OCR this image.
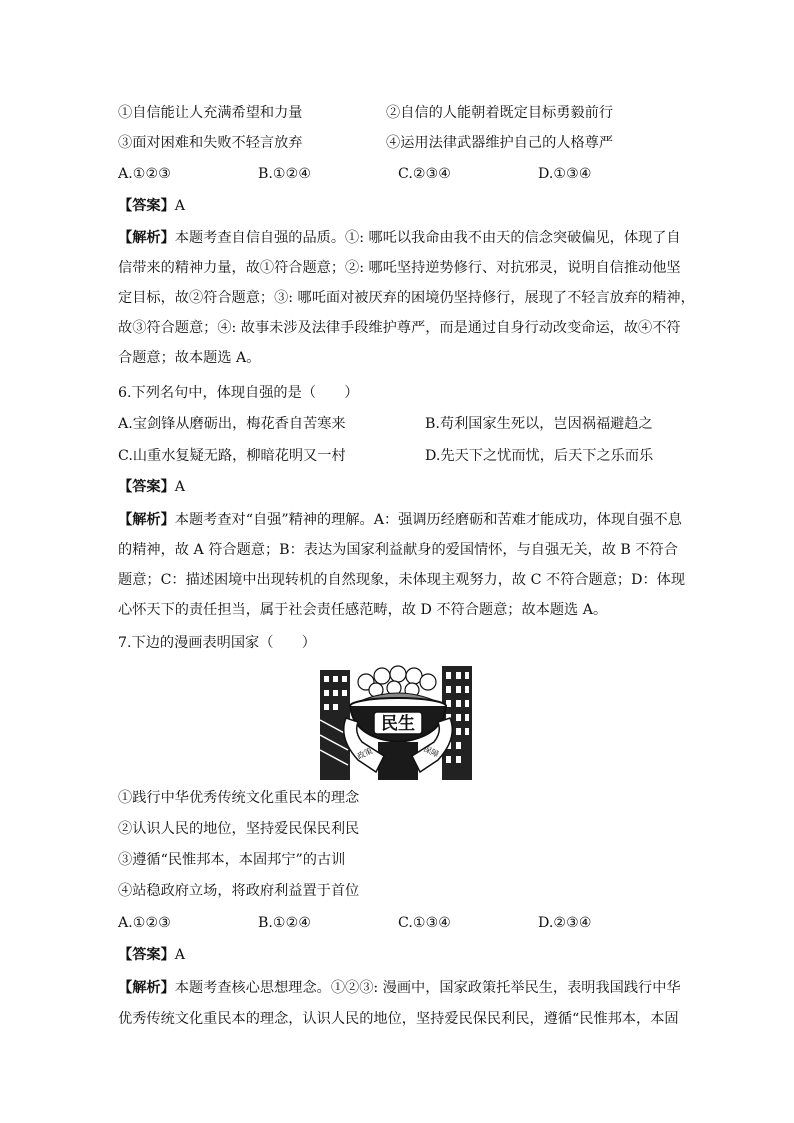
①自信能让人充满希望和力量	②自信的人能朝着既定目标勇毅前行
③面对困难和失败不轻言放弃	④运用法律武器维护自己的人格尊严
A.①②③	B.①②④	C.②③④	D.①③④
【答案】A
【解析】本题考查自信自强的品质。①: 哪吒以我命由我不由天的信念突破偏见，体现了自
信带来的精神力量，故①符合题意；②: 哪吒坚持逆势修行、对抗邪灵，说明自信推动他坚
定目标，故②符合题意；③: 哪吒面对被厌弃的困境仍坚持修行，展现了不轻言放弃的精神，
故③符合题意；④: 故事未涉及法律手段维护尊严，而是通过自身行动改变命运，故④不符
合题意；故本题选 A。
6.下列名句中，体现自强的是（　　）
A.宝剑锋从磨砺出，梅花香自苦寒来	B.苟利国家生死以，岂因祸福避趋之
C.山重水复疑无路，柳暗花明又一村	D.先天下之忧而忧，后天下之乐而乐
【答案】A
【解析】本题考查对“自强”精神的理解。A：强调历经磨砺和苦难才能成功，体现自强不息
的精神，故 A 符合题意；B：表达为国家利益献身的爱国情怀，与自强无关，故 B 不符合
题意；C：描述困境中出现转机的自然现象，未体现主观努力，故 C 不符合题意；D：体现
心怀天下的责任担当，属于社会责任感范畴，故 D 不符合题意；故本题选 A。
7.下边的漫画表明国家（　　）
民生
政策	保障
①践行中华优秀传统文化重民本的理念
②认识人民的地位，坚持爱民保民利民
③遵循“民惟邦本，本固邦宁”的古训
④站稳政府立场，将政府利益置于首位
A.①②③	B.①②④	C.①③④	D.②③④
【答案】A
【解析】本题考查核心思想理念。①②③: 漫画中，国家政策托举民生，表明我国践行中华
优秀传统文化重民本的理念，认识人民的地位，坚持爱民保民利民，遵循“民惟邦本，本固
